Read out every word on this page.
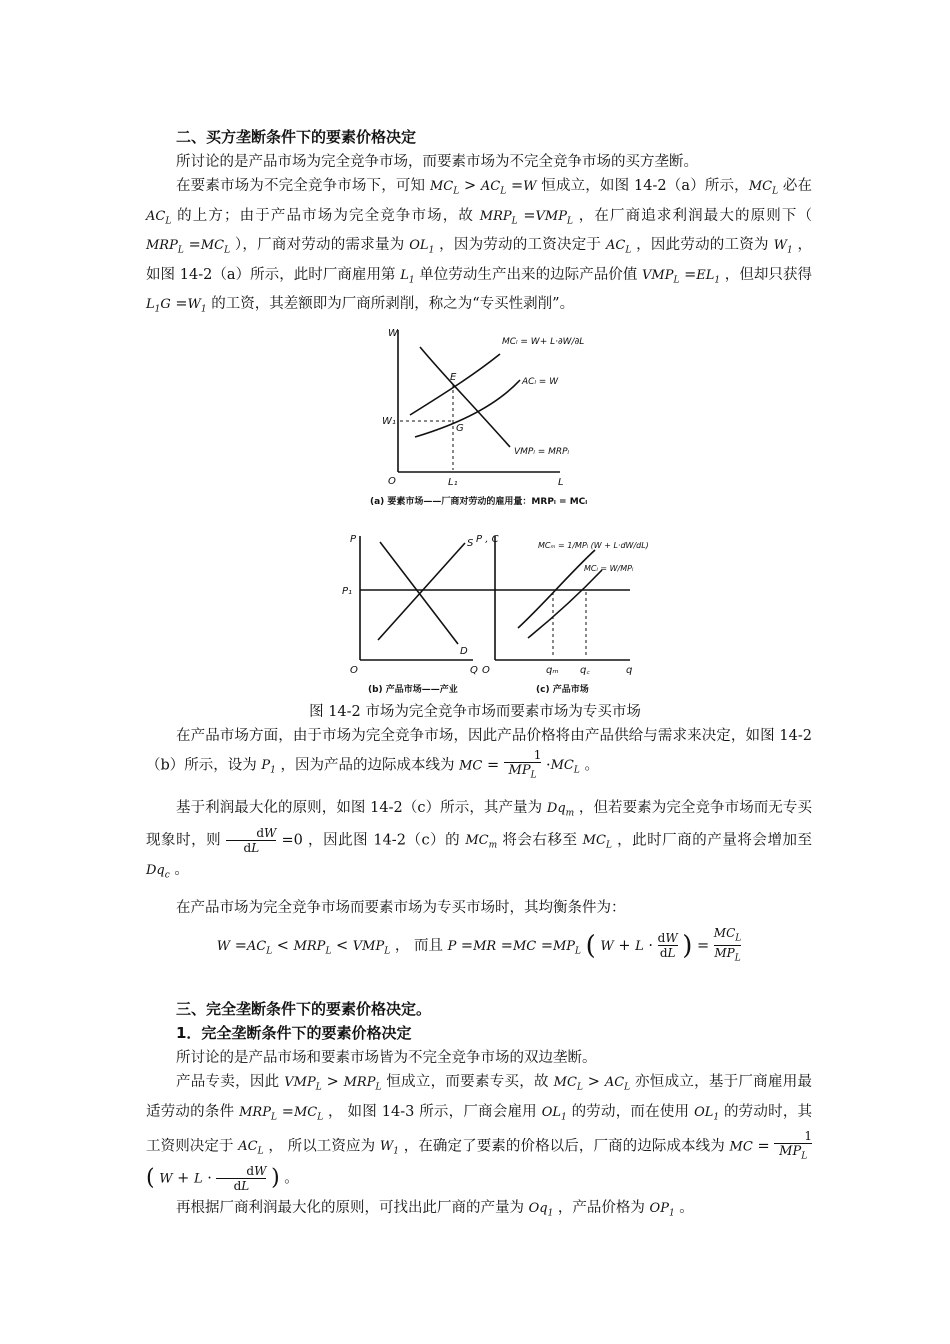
二、买方垄断条件下的要素价格决定
所讨论的是产品市场为完全竞争市场，而要素市场为不完全竞争市场的买方垄断。
在要素市场为不完全竞争市场下，可知 $MC_L > AC_L =W$ 恒成立，如图 14-2（a）所示，$MC_L$ 必在 $AC_L$ 的上方；由于产品市场为完全竞争市场，故 $MRP_L =VMP_L$ ，在厂商追求利润最大的原则下（ $MRP_L =MC_L$ ），厂商对劳动的需求量为 $OL_1$ ，因为劳动的工资决定于 $AC_L$ ，因此劳动的工资为 $W_1$ ， 如图 14-2（a）所示，此时厂商雇用第 $L_1$ 单位劳动生产出来的边际产品价值 $VMP_L =EL_1$ ，但却只获得 $L_1G =W_1$ 的工资，其差额即为厂商所剥削，称之为“专买性剥削”。
W
L
O
E
G
W₁
L₁
MCₗ = W+ L·∂W/∂L
ACₗ = W
VMPₗ = MRPₗ
(a) 要素市场——厂商对劳动的雇用量：MRPₗ = MCₗ
P
Q
O
P₁
S
D
P , C
O	q
qₘ q꜀
MCₘ = 1/MPₗ (W + L·dW/dL)
MCₗ = W/MPₗ
(b) 产品市场——产业	(c) 产品市场
图 14-2 市场为完全竞争市场而要素市场为专买市场
在产品市场方面，由于市场为完全竞争市场，因此产品价格将由产品供给与需求来决定，如图 14-2（b）所示，设为 $P_1$ ，因为产品的边际成本线为 MC =
1
$MP_L \cdot MC_L$ 。
基于利润最大化的原则，如图 14-2（c）所示，其产量为 $Dq_m$ ，但若要素为完全竞争市场而无专买现象时，则	dW
dL =0 ，因此图 14-2（c）的 $MC_m$ 将会右移至 $MC_L$ ，此时厂商的产量将会增加至 $Dq_c$ 。
在产品市场为完全竞争市场而要素市场为专买市场时，其均衡条件为：
$W =AC_L < MRP_L < VMP_L$ ， 而且 $P =MR =MC =MP_L$ ( W + L · dW
dL ) =
$MC_L$
$MP_L$
三、完全垄断条件下的要素价格决定。
1．完全垄断条件下的要素价格决定
所讨论的是产品市场和要素市场皆为不完全竞争市场的双边垄断。
产品专卖，因此 $VMP_L > MRP_L$ 恒成立，而要素专买，故 $MC_L > AC_L$ 亦恒成立，基于厂商雇用最适劳动的条件 $MRP_L =MC_L$ ， 如图 14-3 所示，厂商会雇用 $OL_1$ 的劳动，而在使用 $OL_1$ 的劳动时，其工资则决定于 $AC_L$ ， 所以工资应为 $W_1$ ，在确定了要素的价格以后，厂商的边际成本线为 MC =
1
$MP_L$ ( W + L ·	dW
dL ) 。
再根据厂商利润最大化的原则，可找出此厂商的产量为 $Oq_1$ ，产品价格为 $OP_1$ 。
